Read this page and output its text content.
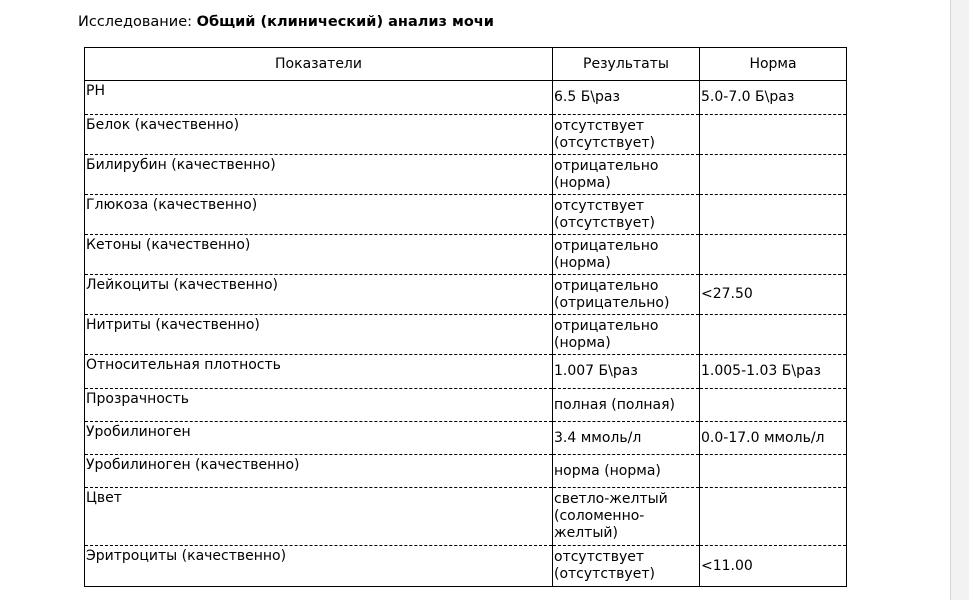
Исследование: Общий (клинический) анализ мочи
Показатели	Результаты	Норма
PH	6.5 Б\раз	5.0-7.0 Б\раз
Белок (качественно)	отсутствует (отсутствует)	

Билирубин (качественно)	отрицательно (норма)	

Глюкоза (качественно)	отсутствует (отсутствует)	

Кетоны (качественно)	отрицательно (норма)	

Лейкоциты (качественно)	отрицательно (отрицательно)	<27.50
Нитриты (качественно)	отрицательно (норма)	

Относительная плотность	1.007 Б\раз	1.005-1.03 Б\раз
Прозрачность	полная (полная)	
Уробилиноген	3.4 ммоль/л	0.0-17.0 ммоль/л
Уробилиноген (качественно)	норма (норма)	
Цвет	светло-желтый (соломенно-желтый)	

Эритроциты (качественно)	отсутствует (отсутствует)	<11.00
